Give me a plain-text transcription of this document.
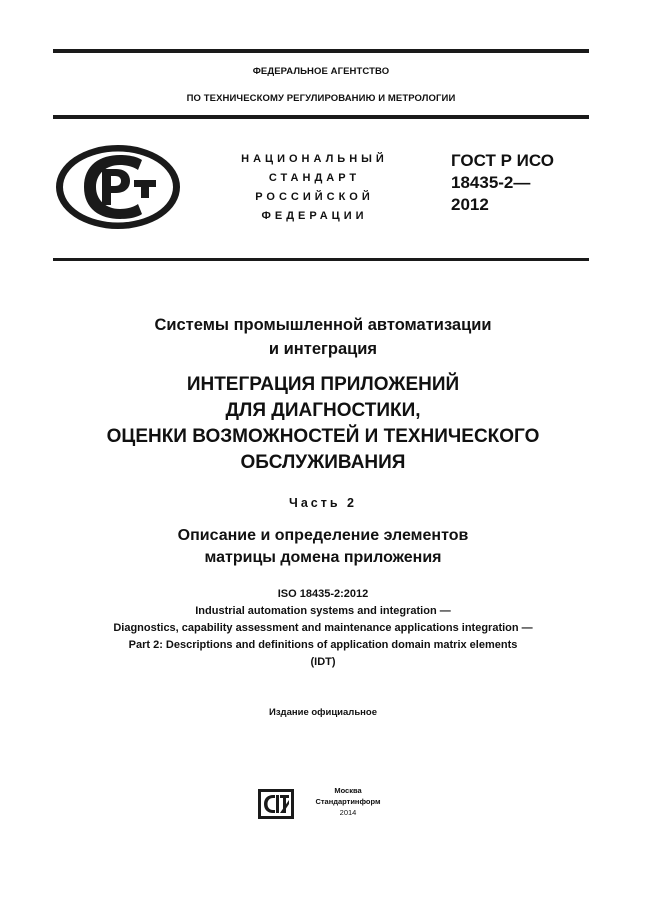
ФЕДЕРАЛЬНОЕ АГЕНТСТВО
ПО ТЕХНИЧЕСКОМУ РЕГУЛИРОВАНИЮ И МЕТРОЛОГИИ
НАЦИОНАЛЬНЫЙ
СТАНДАРТ
РОССИЙСКОЙ
ФЕДЕРАЦИИ
ГОСТ Р ИСО
18435-2—
2012
Системы промышленной автоматизации
и интеграция
ИНТЕГРАЦИЯ ПРИЛОЖЕНИЙ
ДЛЯ ДИАГНОСТИКИ,
ОЦЕНКИ ВОЗМОЖНОСТЕЙ И ТЕХНИЧЕСКОГО
ОБСЛУЖИВАНИЯ
Часть 2
Описание и определение элементов
матрицы домена приложения
ISO 18435-2:2012
Industrial automation systems and integration —
Diagnostics, capability assessment and maintenance applications integration —
Part 2: Descriptions and definitions of application domain matrix elements
(IDT)
Издание официальное
Москва
Стандартинформ
2014
